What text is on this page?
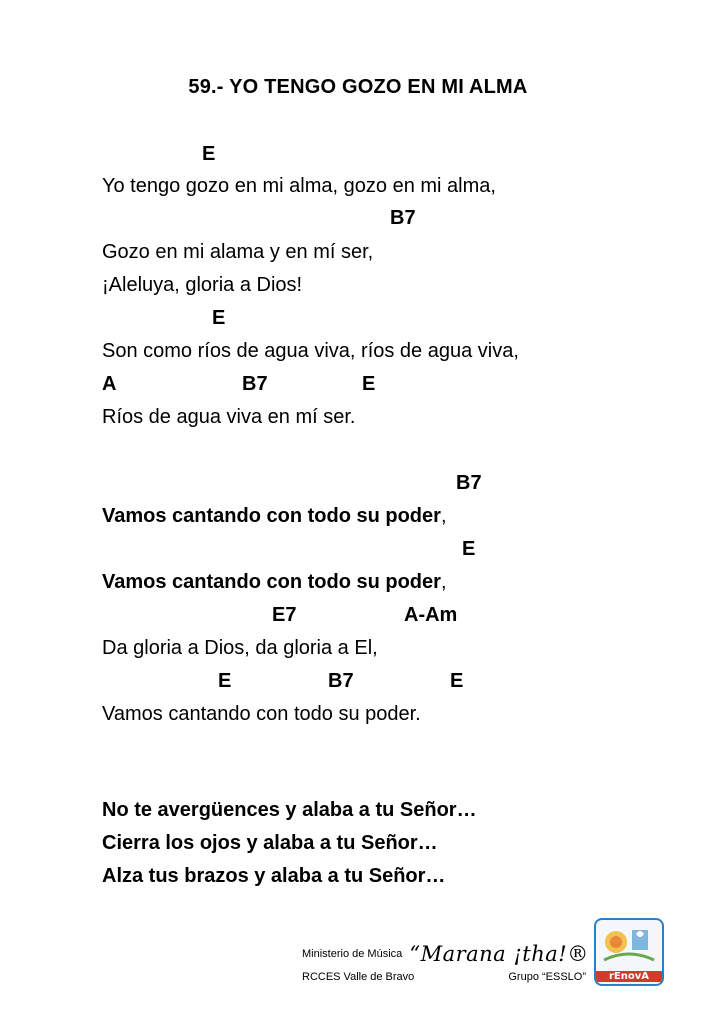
59.- YO TENGO GOZO EN MI ALMA
E
Yo tengo gozo en mi alma, gozo en mi alma,
B7
Gozo en mi alama y en mí ser,
¡Aleluya, gloria a Dios!
E
Son como ríos de agua viva, ríos de agua viva,
A	B7	E
Ríos de agua viva en mí ser.
B7
Vamos cantando con todo su poder,
E
Vamos cantando con todo su poder,
E7	A-Am
Da gloria a Dios, da gloria a El,
E	B7	E
Vamos cantando con todo su poder.
No te avergüences y alaba a tu Señor…
Cierra los ojos y alaba a tu Señor…
Alza tus brazos y alaba a tu Señor…
Ministerio de Música “Marana ¡tha!®
RCCES Valle de Bravo	Grupo “ESSLO”	rEnovA
